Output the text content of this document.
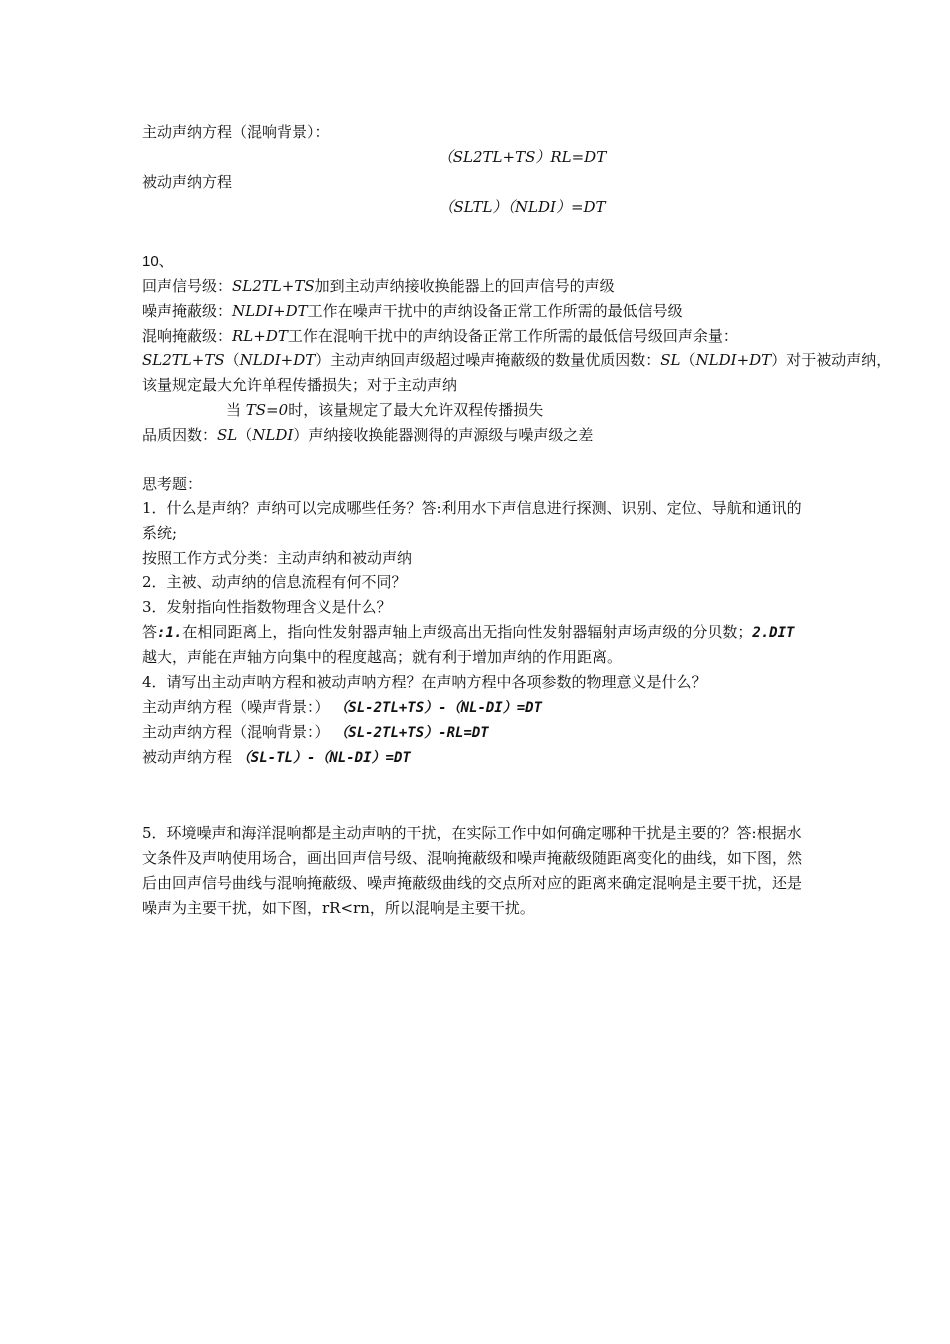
主动声纳方程（混响背景）：
（SL2TL+TS）RL=DT
被动声纳方程
（SLTL）（NLDI）=DT
10、
回声信号级：SL2TL+TS加到主动声纳接收换能器上的回声信号的声级
噪声掩蔽级：NLDI+DT工作在噪声干扰中的声纳设备正常工作所需的最低信号级
混响掩蔽级：RL+DT工作在混响干扰中的声纳设备正常工作所需的最低信号级回声余量：
SL2TL+TS（NLDI+DT）主动声纳回声级超过噪声掩蔽级的数量优质因数：SL（NLDI+DT）对于被动声纳，
该量规定最大允许单程传播损失；对于主动声纳
当 TS=0时，该量规定了最大允许双程传播损失
品质因数：SL（NLDI）声纳接收换能器测得的声源级与噪声级之差
思考题：
1．什么是声纳？声纳可以完成哪些任务？答:利用水下声信息进行探测、识别、定位、导航和通讯的
系统;
按照工作方式分类：主动声纳和被动声纳
2．主被、动声纳的信息流程有何不同？
3．发射指向性指数物理含义是什么？
答:1.在相同距离上，指向性发射器声轴上声级高出无指向性发射器辐射声场声级的分贝数；2.DIT
越大，声能在声轴方向集中的程度越高；就有利于增加声纳的作用距离。
4．请写出主动声呐方程和被动声呐方程？在声呐方程中各项参数的物理意义是什么？
主动声纳方程（噪声背景：） （SL-2TL+TS）-（NL-DI）=DT
主动声纳方程（混响背景：） （SL-2TL+TS）-RL=DT
被动声纳方程 （SL-TL）-（NL-DI）=DT
5．环境噪声和海洋混响都是主动声呐的干扰，在实际工作中如何确定哪种干扰是主要的？答:根据水
文条件及声呐使用场合，画出回声信号级、混响掩蔽级和噪声掩蔽级随距离变化的曲线，如下图，然
后由回声信号曲线与混响掩蔽级、噪声掩蔽级曲线的交点所对应的距离来确定混响是主要干扰，还是
噪声为主要干扰，如下图，rR<rn，所以混响是主要干扰。
